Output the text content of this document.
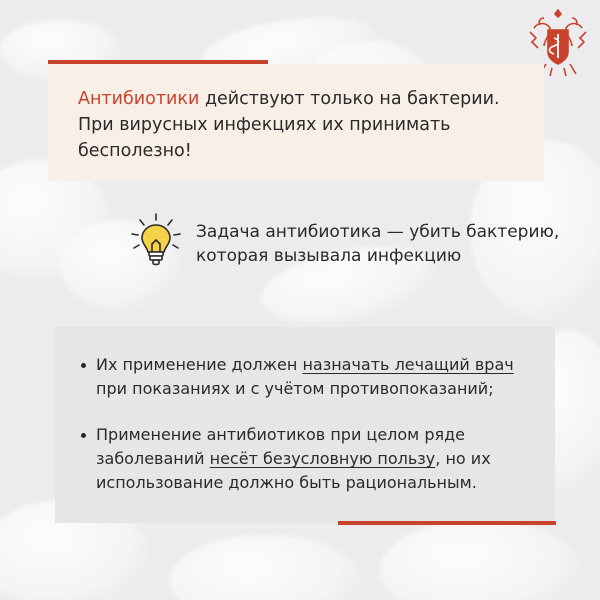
Антибиотики действуют только на бактерии.
При вирусных инфекциях их принимать
бесполезно!
Задача антибиотика — убить бактерию,
которая вызывала инфекцию
Их применение должен назначать лечащий врач
при показаниях и с учётом противопоказаний;
Применение антибиотиков при целом ряде
заболеваний несёт безусловную пользу, но их
использование должно быть рациональным.
